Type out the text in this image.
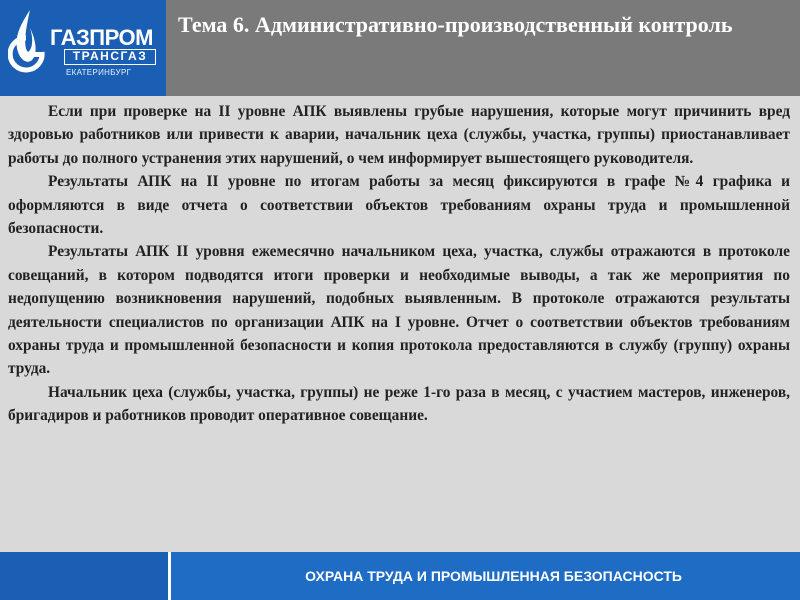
ГАЗПРОМ
ТРАНСГАЗ
ЕКАТЕРИНБУРГ
Тема 6. Административно-производственный контроль

Если при проверке на II уровне АПК выявлены грубые нарушения, которые могут причинить вред здоровью работников или привести к аварии, начальник цеха (службы, участка, группы) приостанавливает работы до полного устранения этих нарушений, о чем информирует вышестоящего руководителя.

Результаты АПК на II уровне по итогам работы за месяц фиксируются в графе №4 графика и оформляются в виде отчета о соответствии объектов требованиям охраны труда и промышленной безопасности.

Результаты АПК II уровня ежемесячно начальником цеха, участка, службы отражаются в протоколе совещаний, в котором подводятся итоги проверки и необходимые выводы, а так же мероприятия по недопущению возникновения нарушений, подобных выявленным. В протоколе отражаются результаты деятельности специалистов по организации АПК на I уровне. Отчет о соответствии объектов требованиям охраны труда и промышленной безопасности и копия протокола предоставляются в службу (группу) охраны труда.

Начальник цеха (службы, участка, группы) не реже 1-го раза в месяц, с участием мастеров, инженеров, бригадиров и работников проводит оперативное совещание.

ОХРАНА ТРУДА И ПРОМЫШЛЕННАЯ БЕЗОПАСНОСТЬ
